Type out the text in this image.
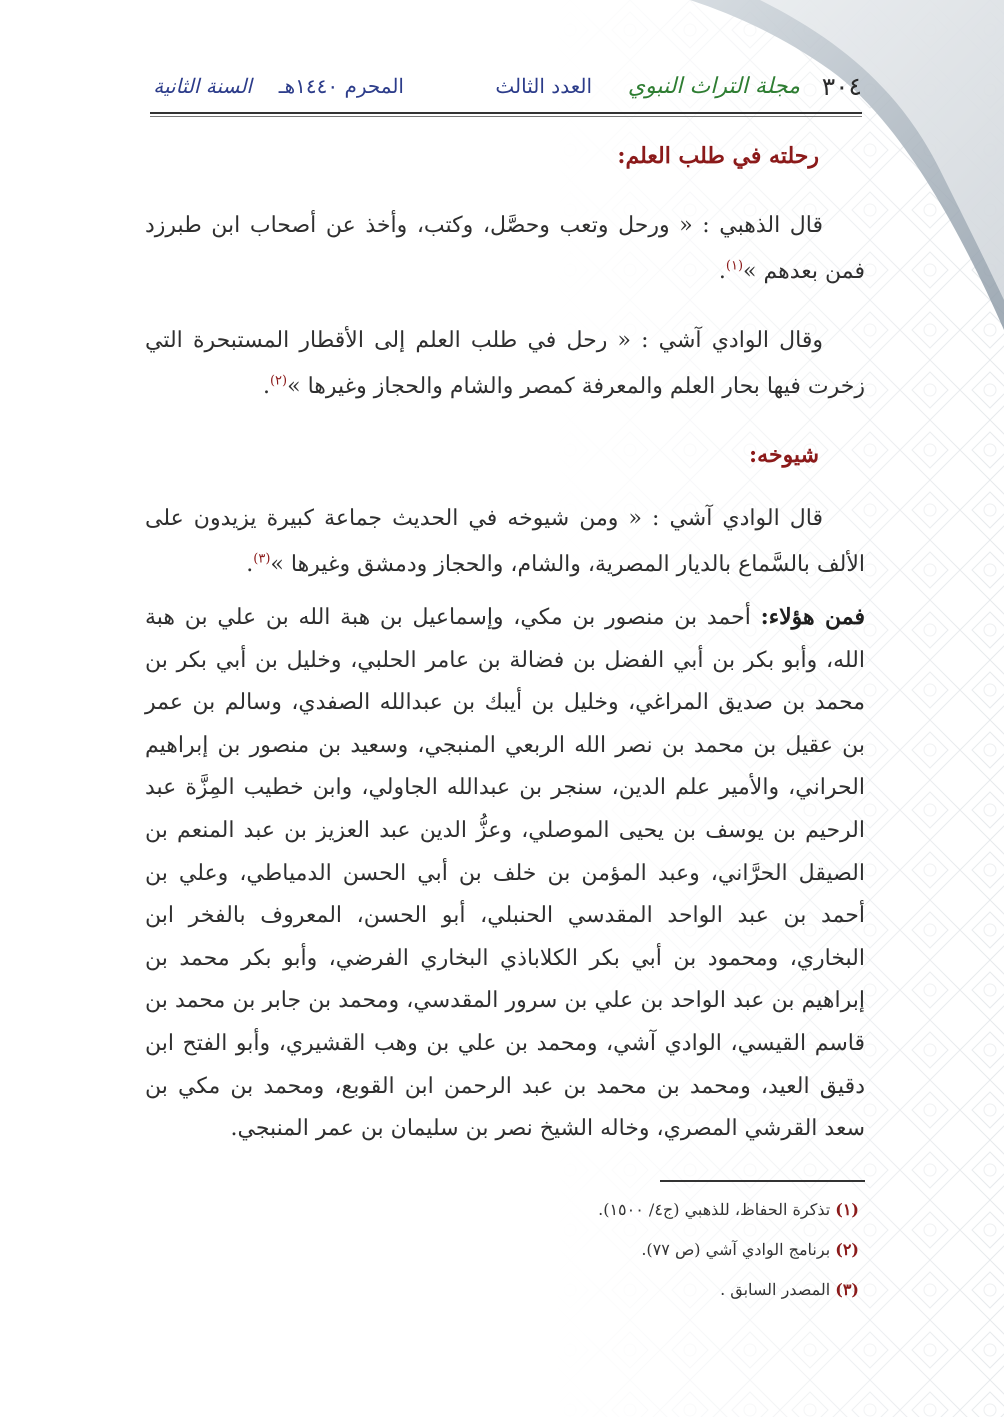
٣٠٤
مجلة التراث النبوي
العدد الثالث
المحرم ١٤٤٠هـ
السنة الثانية
رحلته في طلب العلم:

قال الذهبي : « ورحل وتعب وحصَّل، وكتب، وأخذ عن أصحاب ابن طبرزد فمن بعدهم »$^{(١)}$.

وقال الوادي آشي : « رحل في طلب العلم إلى الأقطار المستبحرة التي زخرت فيها بحار العلم والمعرفة كمصر والشام والحجاز وغيرها »$^{(٢)}$.

شيوخه:

قال الوادي آشي : « ومن شيوخه في الحديث جماعة كبيرة يزيدون على الألف بالسَّماع بالديار المصرية، والشام، والحجاز ودمشق وغيرها »$^{(٣)}$.

فمن هؤلاء: أحمد بن منصور بن مكي، وإسماعيل بن هبة الله بن علي بن هبة الله، وأبو بكر بن أبي الفضل بن فضالة بن عامر الحلبي، وخليل بن أبي بكر بن محمد بن صديق المراغي، وخليل بن أيبك بن عبدالله الصفدي، وسالم بن عمر بن عقيل بن محمد بن نصر الله الربعي المنبجي، وسعيد بن منصور بن إبراهيم الحراني، والأمير علم الدين، سنجر بن عبدالله الجاولي، وابن خطيب المِزَّة عبد الرحيم بن يوسف بن يحيى الموصلي، وعزُّ الدين عبد العزيز بن عبد المنعم بن الصيقل الحرَّاني، وعبد المؤمن بن خلف بن أبي الحسن الدمياطي، وعلي بن أحمد بن عبد الواحد المقدسي الحنبلي، أبو الحسن، المعروف بالفخر ابن البخاري، ومحمود بن أبي بكر الكلاباذي البخاري الفرضي، وأبو بكر محمد بن إبراهيم بن عبد الواحد بن علي بن سرور المقدسي، ومحمد بن جابر بن محمد بن قاسم القيسي، الوادي آشي، ومحمد بن علي بن وهب القشيري، وأبو الفتح ابن دقيق العيد، ومحمد بن محمد بن عبد الرحمن ابن القوبع، ومحمد بن مكي بن سعد القرشي المصري، وخاله الشيخ نصر بن سليمان بن عمر المنبجي.

(١) تذكرة الحفاظ، للذهبي (ج٤/ ١٥٠٠).
(٢) برنامج الوادي آشي (ص ٧٧).
(٣) المصدر السابق .
